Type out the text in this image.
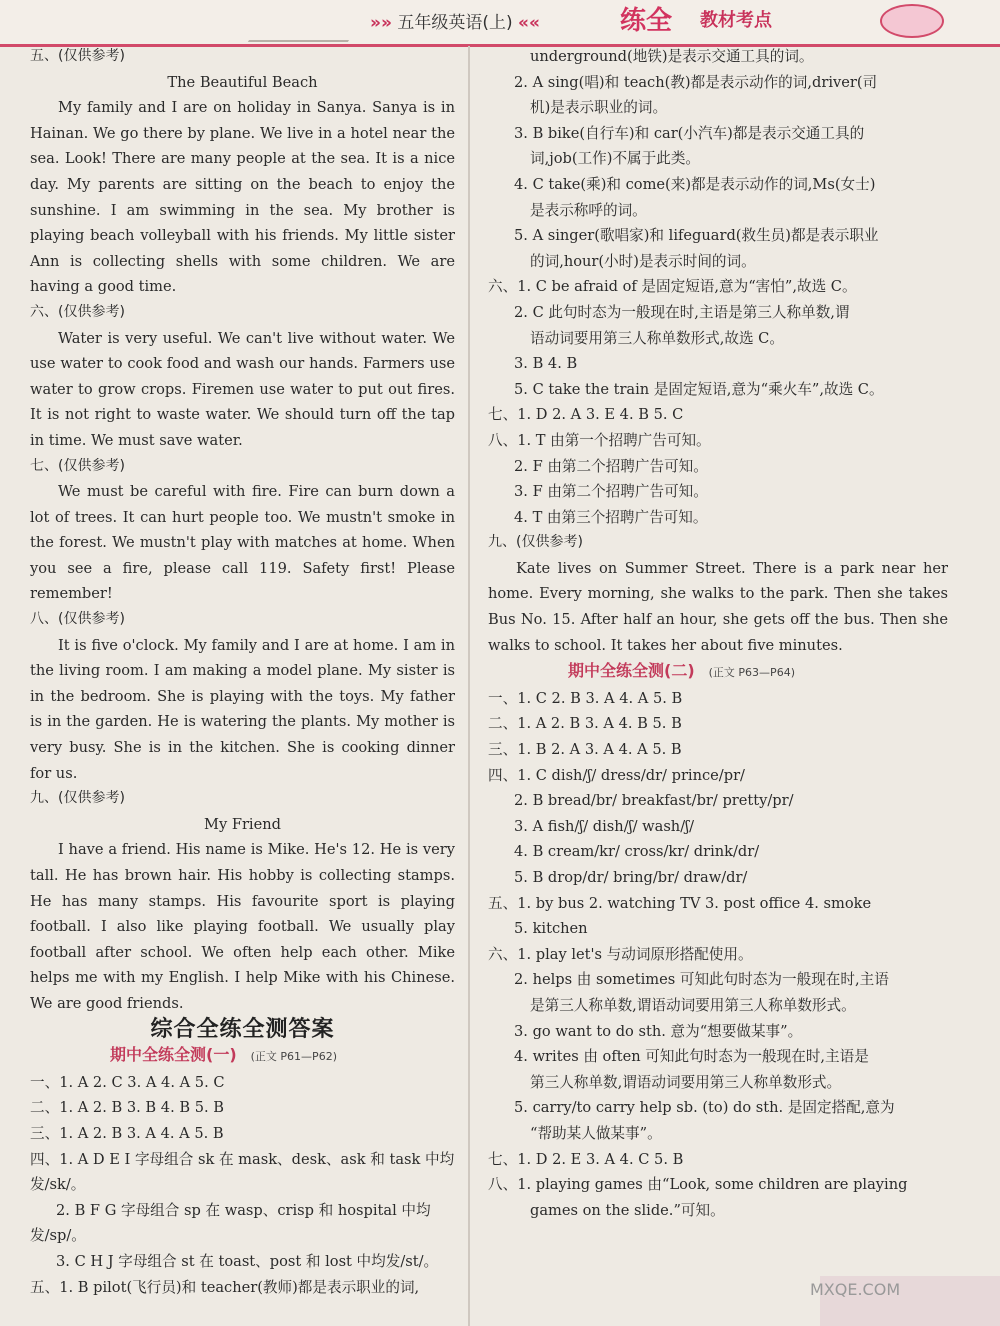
»» 五年级英语(上) ««	练全 教材考点

五、(仅供参考)

The Beautiful Beach

My family and I are on holiday in Sanya. Sanya is in Hainan. We go there by plane. We live in a hotel near the sea. Look! There are many people at the sea. It is a nice day. My parents are sitting on the beach to enjoy the sunshine. I am swimming in the sea. My brother is playing beach volleyball with his friends. My little sister Ann is collecting shells with some children. We are having a good time.

六、(仅供参考)

Water is very useful. We can't live without water. We use water to cook food and wash our hands. Farmers use water to grow crops. Firemen use water to put out fires. It is not right to waste water. We should turn off the tap in time. We must save water.

七、(仅供参考)

We must be careful with fire. Fire can burn down a lot of trees. It can hurt people too. We mustn't smoke in the forest. We mustn't play with matches at home. When you see a fire, please call 119. Safety first! Please remember!

八、(仅供参考)

It is five o'clock. My family and I are at home. I am in the living room. I am making a model plane. My sister is in the bedroom. She is playing with the toys. My father is in the garden. He is watering the plants. My mother is very busy. She is in the kitchen. She is cooking dinner for us.

九、(仅供参考)

My Friend

I have a friend. His name is Mike. He's 12. He is very tall. He has brown hair. His hobby is collecting stamps. He has many stamps. His favourite sport is playing football. I also like playing football. We usually play football after school. We often help each other. Mike helps me with my English. I help Mike with his Chinese. We are good friends.

综合全练全测答案

期中全练全测(一) (正文 P61—P62)

一、1. A 2. C 3. A 4. A 5. C

二、1. A 2. B 3. B 4. B 5. B

三、1. A 2. B 3. A 4. A 5. B

四、1. A D E I 字母组合 sk 在 mask、desk、ask 和 task 中均

发/sk/。

2. B F G 字母组合 sp 在 wasp、crisp 和 hospital 中均

发/sp/。

3. C H J 字母组合 st 在 toast、post 和 lost 中均发/st/。

五、1. B pilot(飞行员)和 teacher(教师)都是表示职业的词,

underground(地铁)是表示交通工具的词。

2. A sing(唱)和 teach(教)都是表示动作的词,driver(司

机)是表示职业的词。

3. B bike(自行车)和 car(小汽车)都是表示交通工具的

词,job(工作)不属于此类。

4. C take(乘)和 come(来)都是表示动作的词,Ms(女士)

是表示称呼的词。

5. A singer(歌唱家)和 lifeguard(救生员)都是表示职业

的词,hour(小时)是表示时间的词。

六、1. C be afraid of 是固定短语,意为“害怕”,故选 C。

2. C 此句时态为一般现在时,主语是第三人称单数,谓

语动词要用第三人称单数形式,故选 C。

3. B 4. B

5. C take the train 是固定短语,意为“乘火车”,故选 C。

七、1. D 2. A 3. E 4. B 5. C

八、1. T 由第一个招聘广告可知。

2. F 由第二个招聘广告可知。

3. F 由第二个招聘广告可知。

4. T 由第三个招聘广告可知。

九、(仅供参考)

Kate lives on Summer Street. There is a park near her home. Every morning, she walks to the park. Then she takes Bus No. 15. After half an hour, she gets off the bus. Then she walks to school. It takes her about five minutes.

期中全练全测(二) (正文 P63—P64)

一、1. C 2. B 3. A 4. A 5. B

二、1. A 2. B 3. A 4. B 5. B

三、1. B 2. A 3. A 4. A 5. B

四、1. C dish/ʃ/ dress/dr/ prince/pr/

2. B bread/br/ breakfast/br/ pretty/pr/

3. A fish/ʃ/ dish/ʃ/ wash/ʃ/

4. B cream/kr/ cross/kr/ drink/dr/

5. B drop/dr/ bring/br/ draw/dr/

五、1. by bus 2. watching TV 3. post office 4. smoke

5. kitchen

六、1. play let's 与动词原形搭配使用。

2. helps 由 sometimes 可知此句时态为一般现在时,主语

是第三人称单数,谓语动词要用第三人称单数形式。

3. go want to do sth. 意为“想要做某事”。

4. writes 由 often 可知此句时态为一般现在时,主语是

第三人称单数,谓语动词要用第三人称单数形式。

5. carry/to carry help sb. (to) do sth. 是固定搭配,意为

“帮助某人做某事”。

七、1. D 2. E 3. A 4. C 5. B

八、1. playing games 由“Look, some children are playing

games on the slide.”可知。

MXQE.COM
